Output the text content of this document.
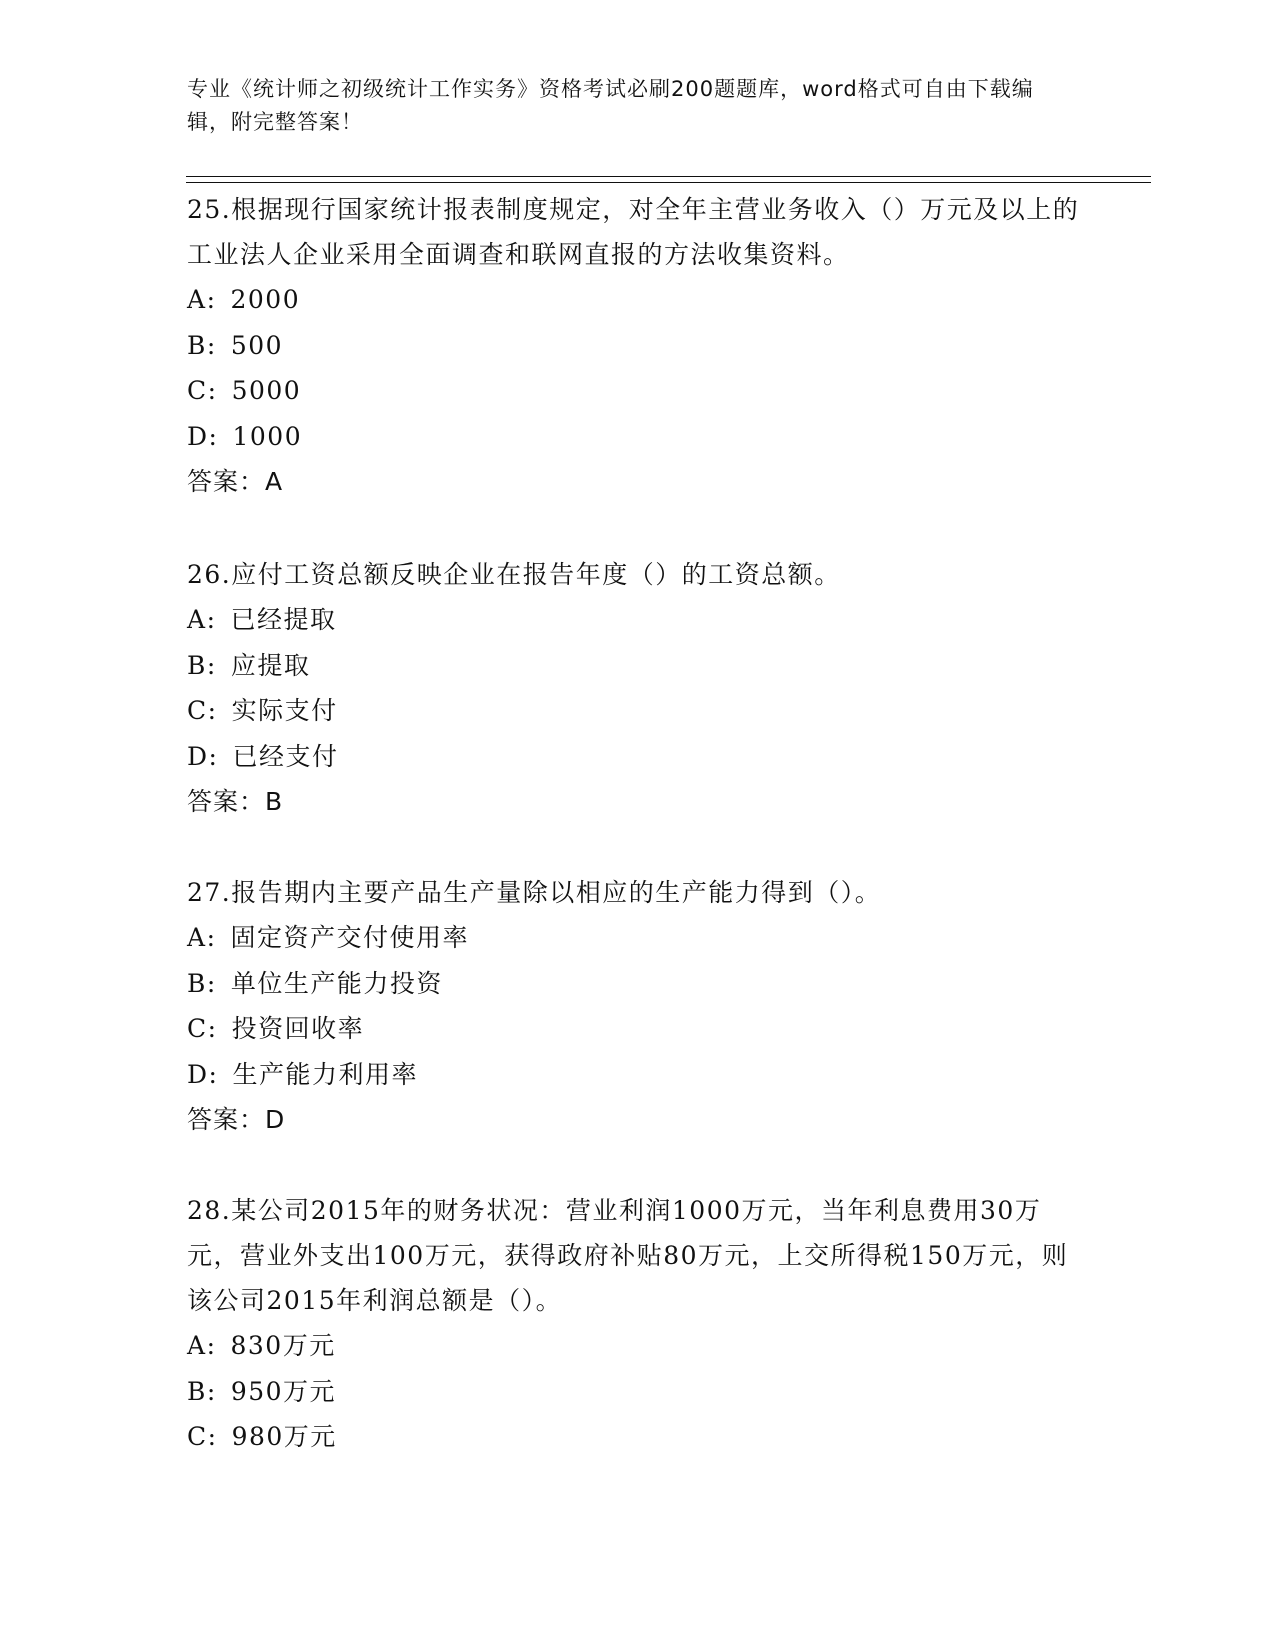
专业《统计师之初级统计工作实务》资格考试必刷200题题库，word格式可自由下载编辑，附完整答案！

25.根据现行国家统计报表制度规定，对全年主营业务收入（）万元及以上的工业法人企业采用全面调查和联网直报的方法收集资料。

A: 2000

B: 500

C: 5000

D: 1000

答案：A

26.应付工资总额反映企业在报告年度（）的工资总额。

A: 已经提取

B: 应提取

C: 实际支付

D: 已经支付

答案：B

27.报告期内主要产品生产量除以相应的生产能力得到（）。

A: 固定资产交付使用率

B: 单位生产能力投资

C: 投资回收率

D: 生产能力利用率

答案：D

28.某公司2015年的财务状况：营业利润1000万元，当年利息费用30万元，营业外支出100万元，获得政府补贴80万元，上交所得税150万元，则该公司2015年利润总额是（）。

A: 830万元

B: 950万元

C: 980万元
